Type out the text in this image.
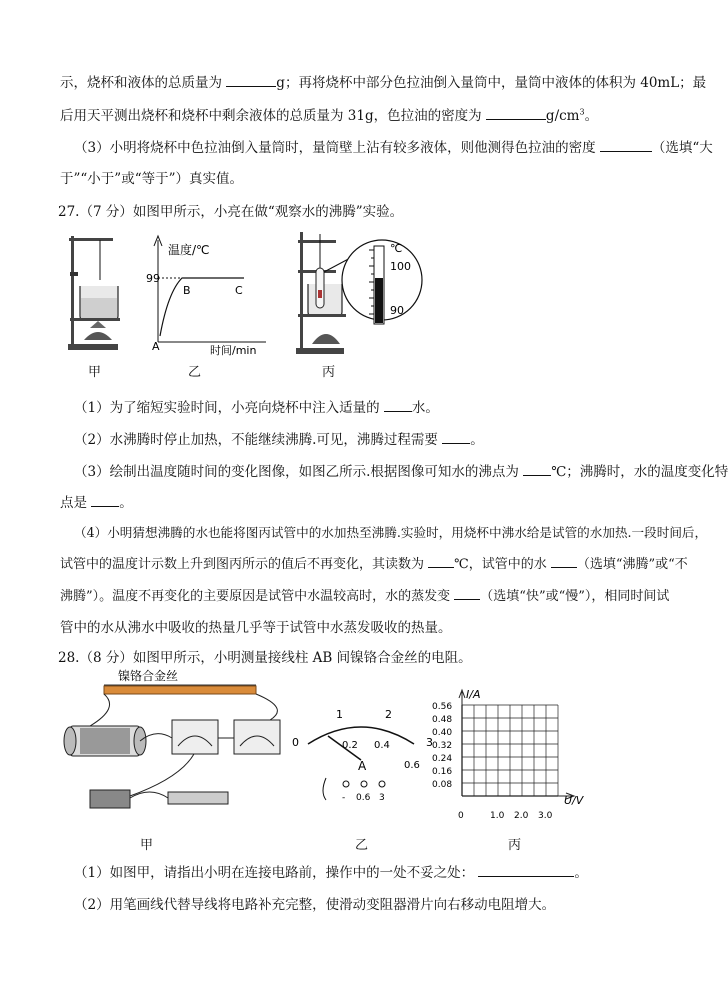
示，烧杯和液体的总质量为	g；再将烧杯中部分色拉油倒入量筒中，量筒中液体的体积为 40mL；最
后用天平测出烧杯和烧杯中剩余液体的总质量为 31g，色拉油的密度为	$g/cm^3$。
（3）小明将烧杯中色拉油倒入量筒时，量筒壁上沾有较多液体，则他测得色拉油的密度	（选填“大
于”“小于”或“等于”）真实值。
27.（7 分）如图甲所示，小亮在做“观察水的沸腾”实验。
甲
温度/℃
99
A
B	C
时间/min
乙
℃
100
90
丙
（1）为了缩短实验时间，小亮向烧杯中注入适量的 水。
（2）水沸腾时停止加热，不能继续沸腾.可见，沸腾过程需要 。
（3）绘制出温度随时间的变化图像，如图乙所示.根据图像可知水的沸点为 ℃；沸腾时，水的温度变化特
点是 。
（4）小明猜想沸腾的水也能将图丙试管中的水加热至沸腾.实验时，用烧杯中沸水给是试管的水加热.一段时间后，
试管中的温度计示数上升到图丙所示的值后不再变化，其读数为 ℃，试管中的水 （选填“沸腾”或“不
沸腾”）。温度不再变化的主要原因是试管中水温较高时，水的蒸发变 （选填“快”或“慢”），相同时间试
管中的水从沸水中吸收的热量几乎等于试管中水蒸发吸收的热量。
28.（8 分）如图甲所示，小明测量接线柱 AB 间镍铬合金丝的电阻。
镍铬合金丝
甲
0
1	2
3
0.2 0.4
0.6
A
- 0.6 3
乙
0.56
0.48
0.40
0.32
0.24
0.16
0.08
0	1.0 2.0 3.0
I/A
U/V
丙
（1）如图甲，请指出小明在连接电路前，操作中的一处不妥之处：	。
（2）用笔画线代替导线将电路补充完整，使滑动变阻器滑片向右移动电阻增大。
